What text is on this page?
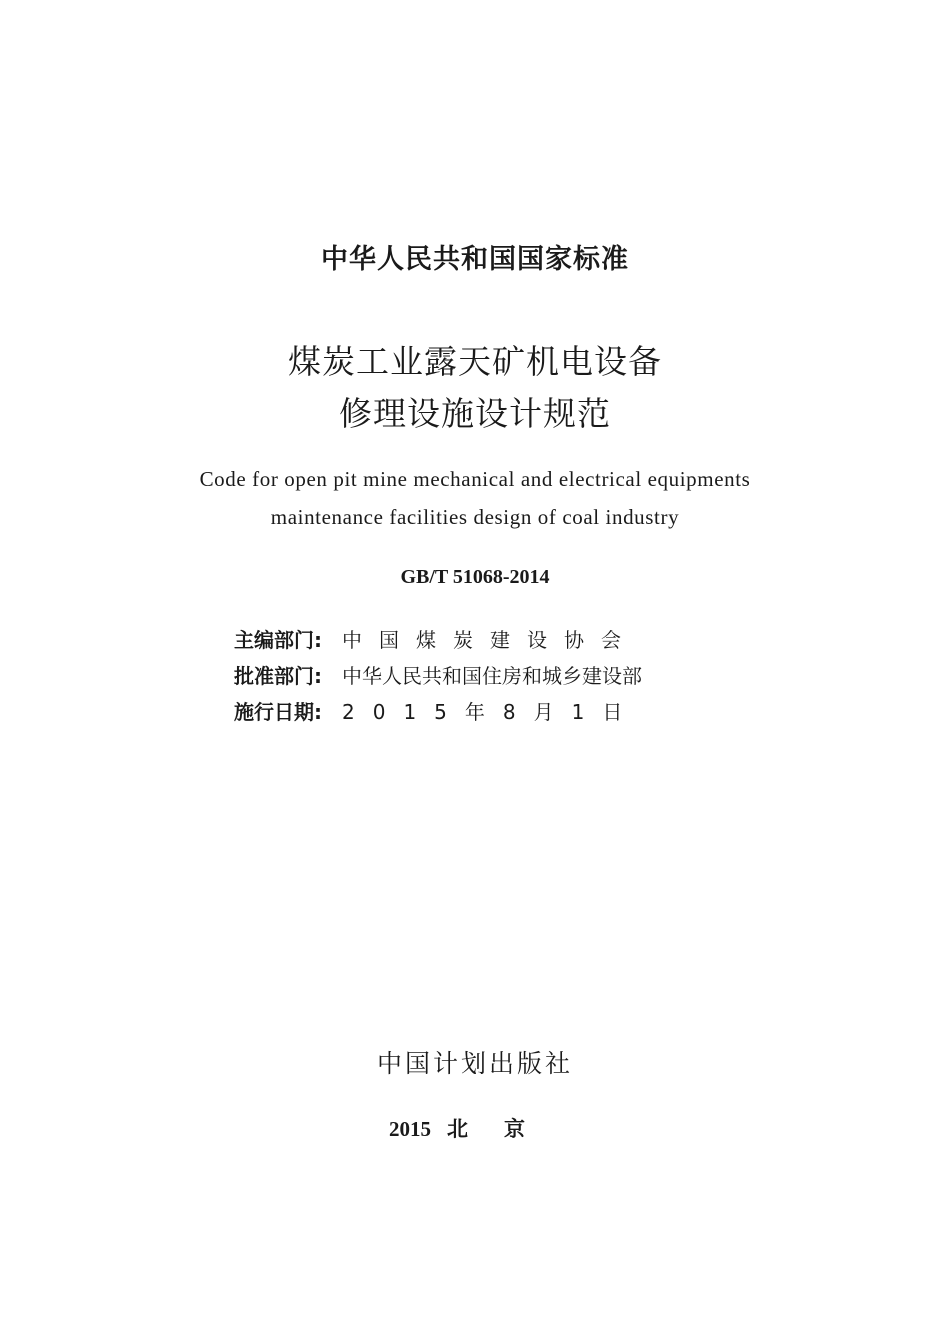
中华人民共和国国家标准
煤炭工业露天矿机电设备
修理设施设计规范
Code for open pit mine mechanical and electrical equipments
maintenance facilities design of coal industry
GB/T 51068-2014
主编部门:	中国煤炭建设协会
批准部门:	中华人民共和国住房和城乡建设部
施行日期:	2015年8月1日
中国计划出版社
2015 北京
